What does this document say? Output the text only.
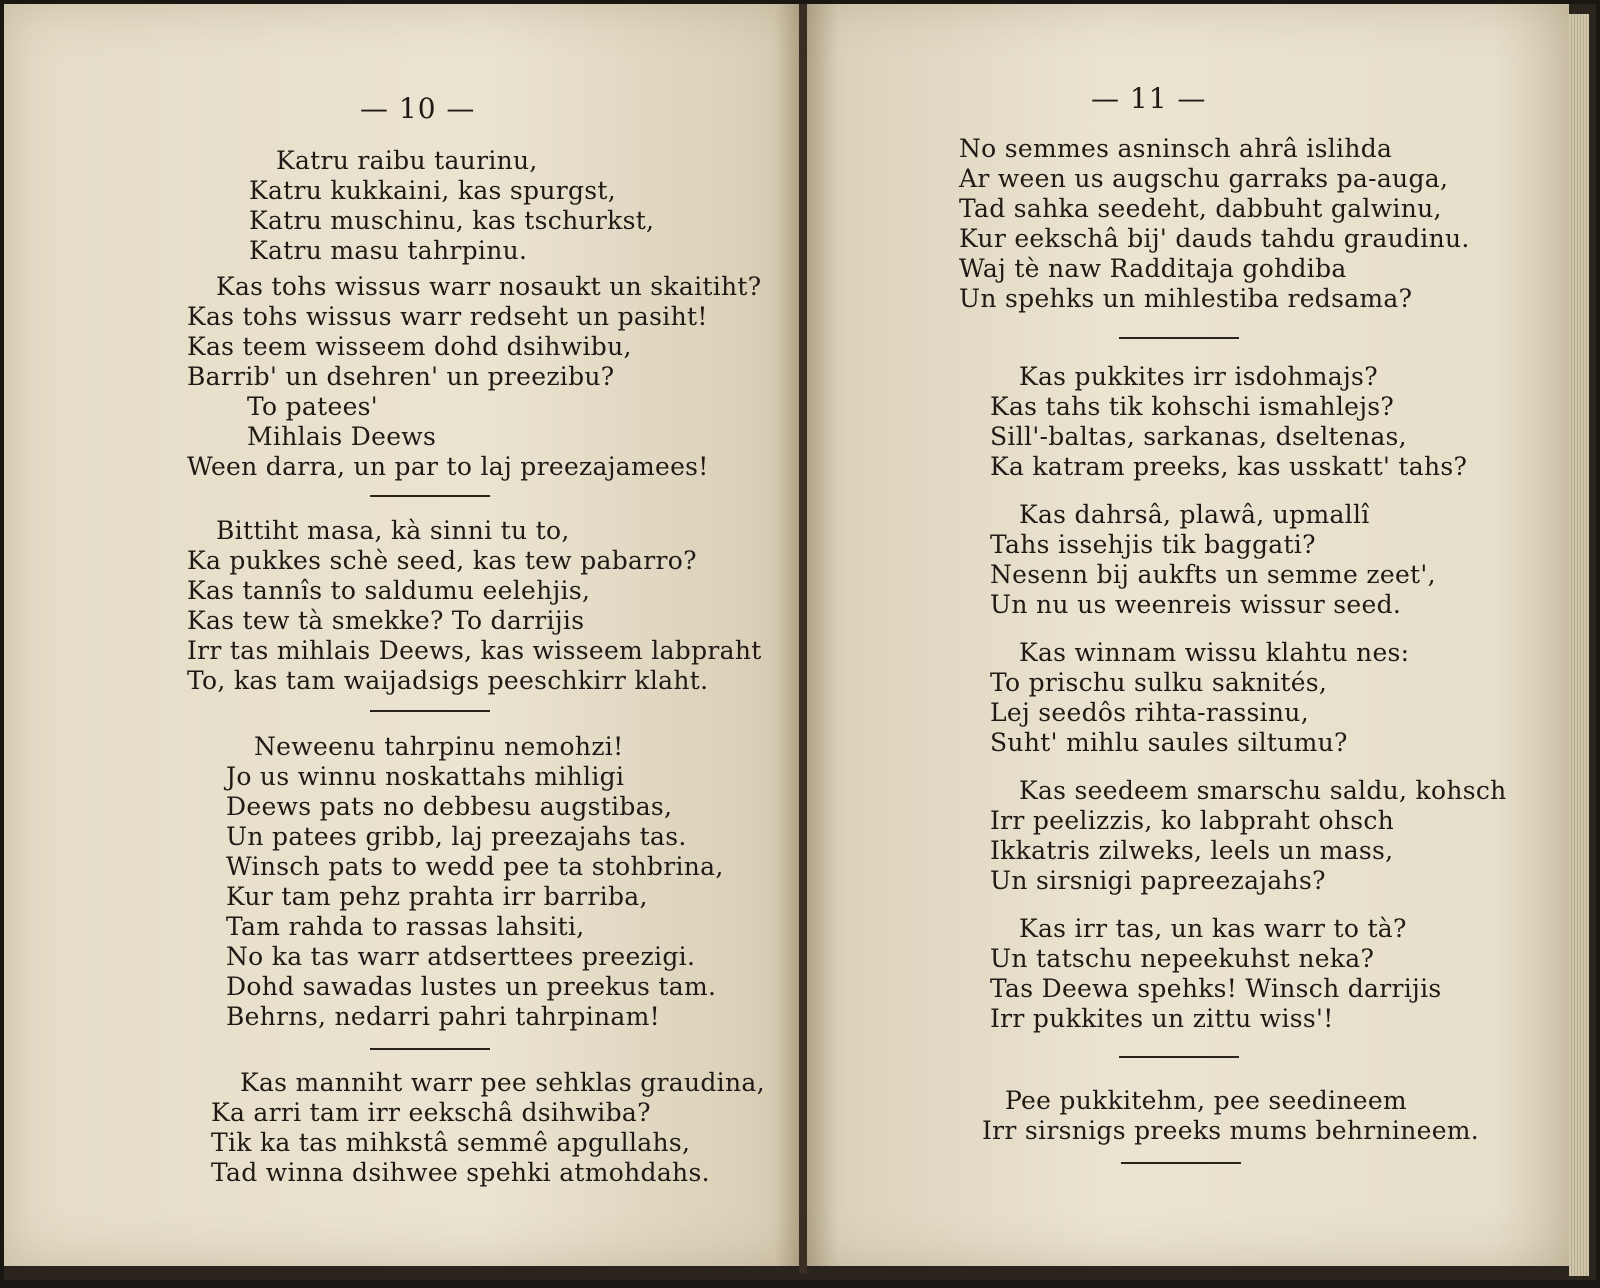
— 10 —
Katru raibu taurinu,
Katru kukkaini, kas spurgst,
Katru muschinu, kas tschurkst,
Katru masu tahrpinu.
Kas tohs wissus warr nosaukt un skaitiht?
Kas tohs wissus warr redseht un pasiht!
Kas teem wisseem dohd dsihwibu,
Barrib' un dsehren' un preezibu?
To patees'
Mihlais Deews
Ween darra, un par to laj preezajamees!
Bittiht masa, kà sinni tu to,
Ka pukkes schè seed, kas tew pabarro?
Kas tannîs to saldumu eelehjis,
Kas tew tà smekke? To darrijis
Irr tas mihlais Deews, kas wisseem labpraht
To, kas tam waijadsigs peeschkirr klaht.
Neweenu tahrpinu nemohzi!
Jo us winnu noskattahs mihligi
Deews pats no debbesu augstibas,
Un patees gribb, laj preezajahs tas.
Winsch pats to wedd pee ta stohbrina,
Kur tam pehz prahta irr barriba,
Tam rahda to rassas lahsiti,
No ka tas warr atdserttees preezigi.
Dohd sawadas lustes un preekus tam.
Behrns, nedarri pahri tahrpinam!
Kas manniht warr pee sehklas graudina,
Ka arri tam irr eekschâ dsihwiba?
Tik ka tas mihkstâ semmê apgullahs,
Tad winna dsihwee spehki atmohdahs.
— 11 —
No semmes asninsch ahrâ islihda
Ar ween us augschu garraks pa-auga,
Tad sahka seedeht, dabbuht galwinu,
Kur eekschâ bij' dauds tahdu graudinu.
Waj tè naw Radditaja gohdiba
Un spehks un mihlestiba redsama?
Kas pukkites irr isdohmajs?
Kas tahs tik kohschi ismahlejs?
Sill'-baltas, sarkanas, dseltenas,
Ka katram preeks, kas usskatt' tahs?
Kas dahrsâ, plawâ, upmallî
Tahs issehjis tik baggati?
Nesenn bij aukfts un semme zeet',
Un nu us weenreis wissur seed.
Kas winnam wissu klahtu nes:
To prischu sulku saknités,
Lej seedôs rihta-rassinu,
Suht' mihlu saules siltumu?
Kas seedeem smarschu saldu, kohsch
Irr peelizzis, ko labpraht ohsch
Ikkatris zilweks, leels un mass,
Un sirsnigi papreezajahs?
Kas irr tas, un kas warr to tà?
Un tatschu nepeekuhst neka?
Tas Deewa spehks! Winsch darrijis
Irr pukkites un zittu wiss'!
Pee pukkitehm, pee seedineem
Irr sirsnigs preeks mums behrnineem.
